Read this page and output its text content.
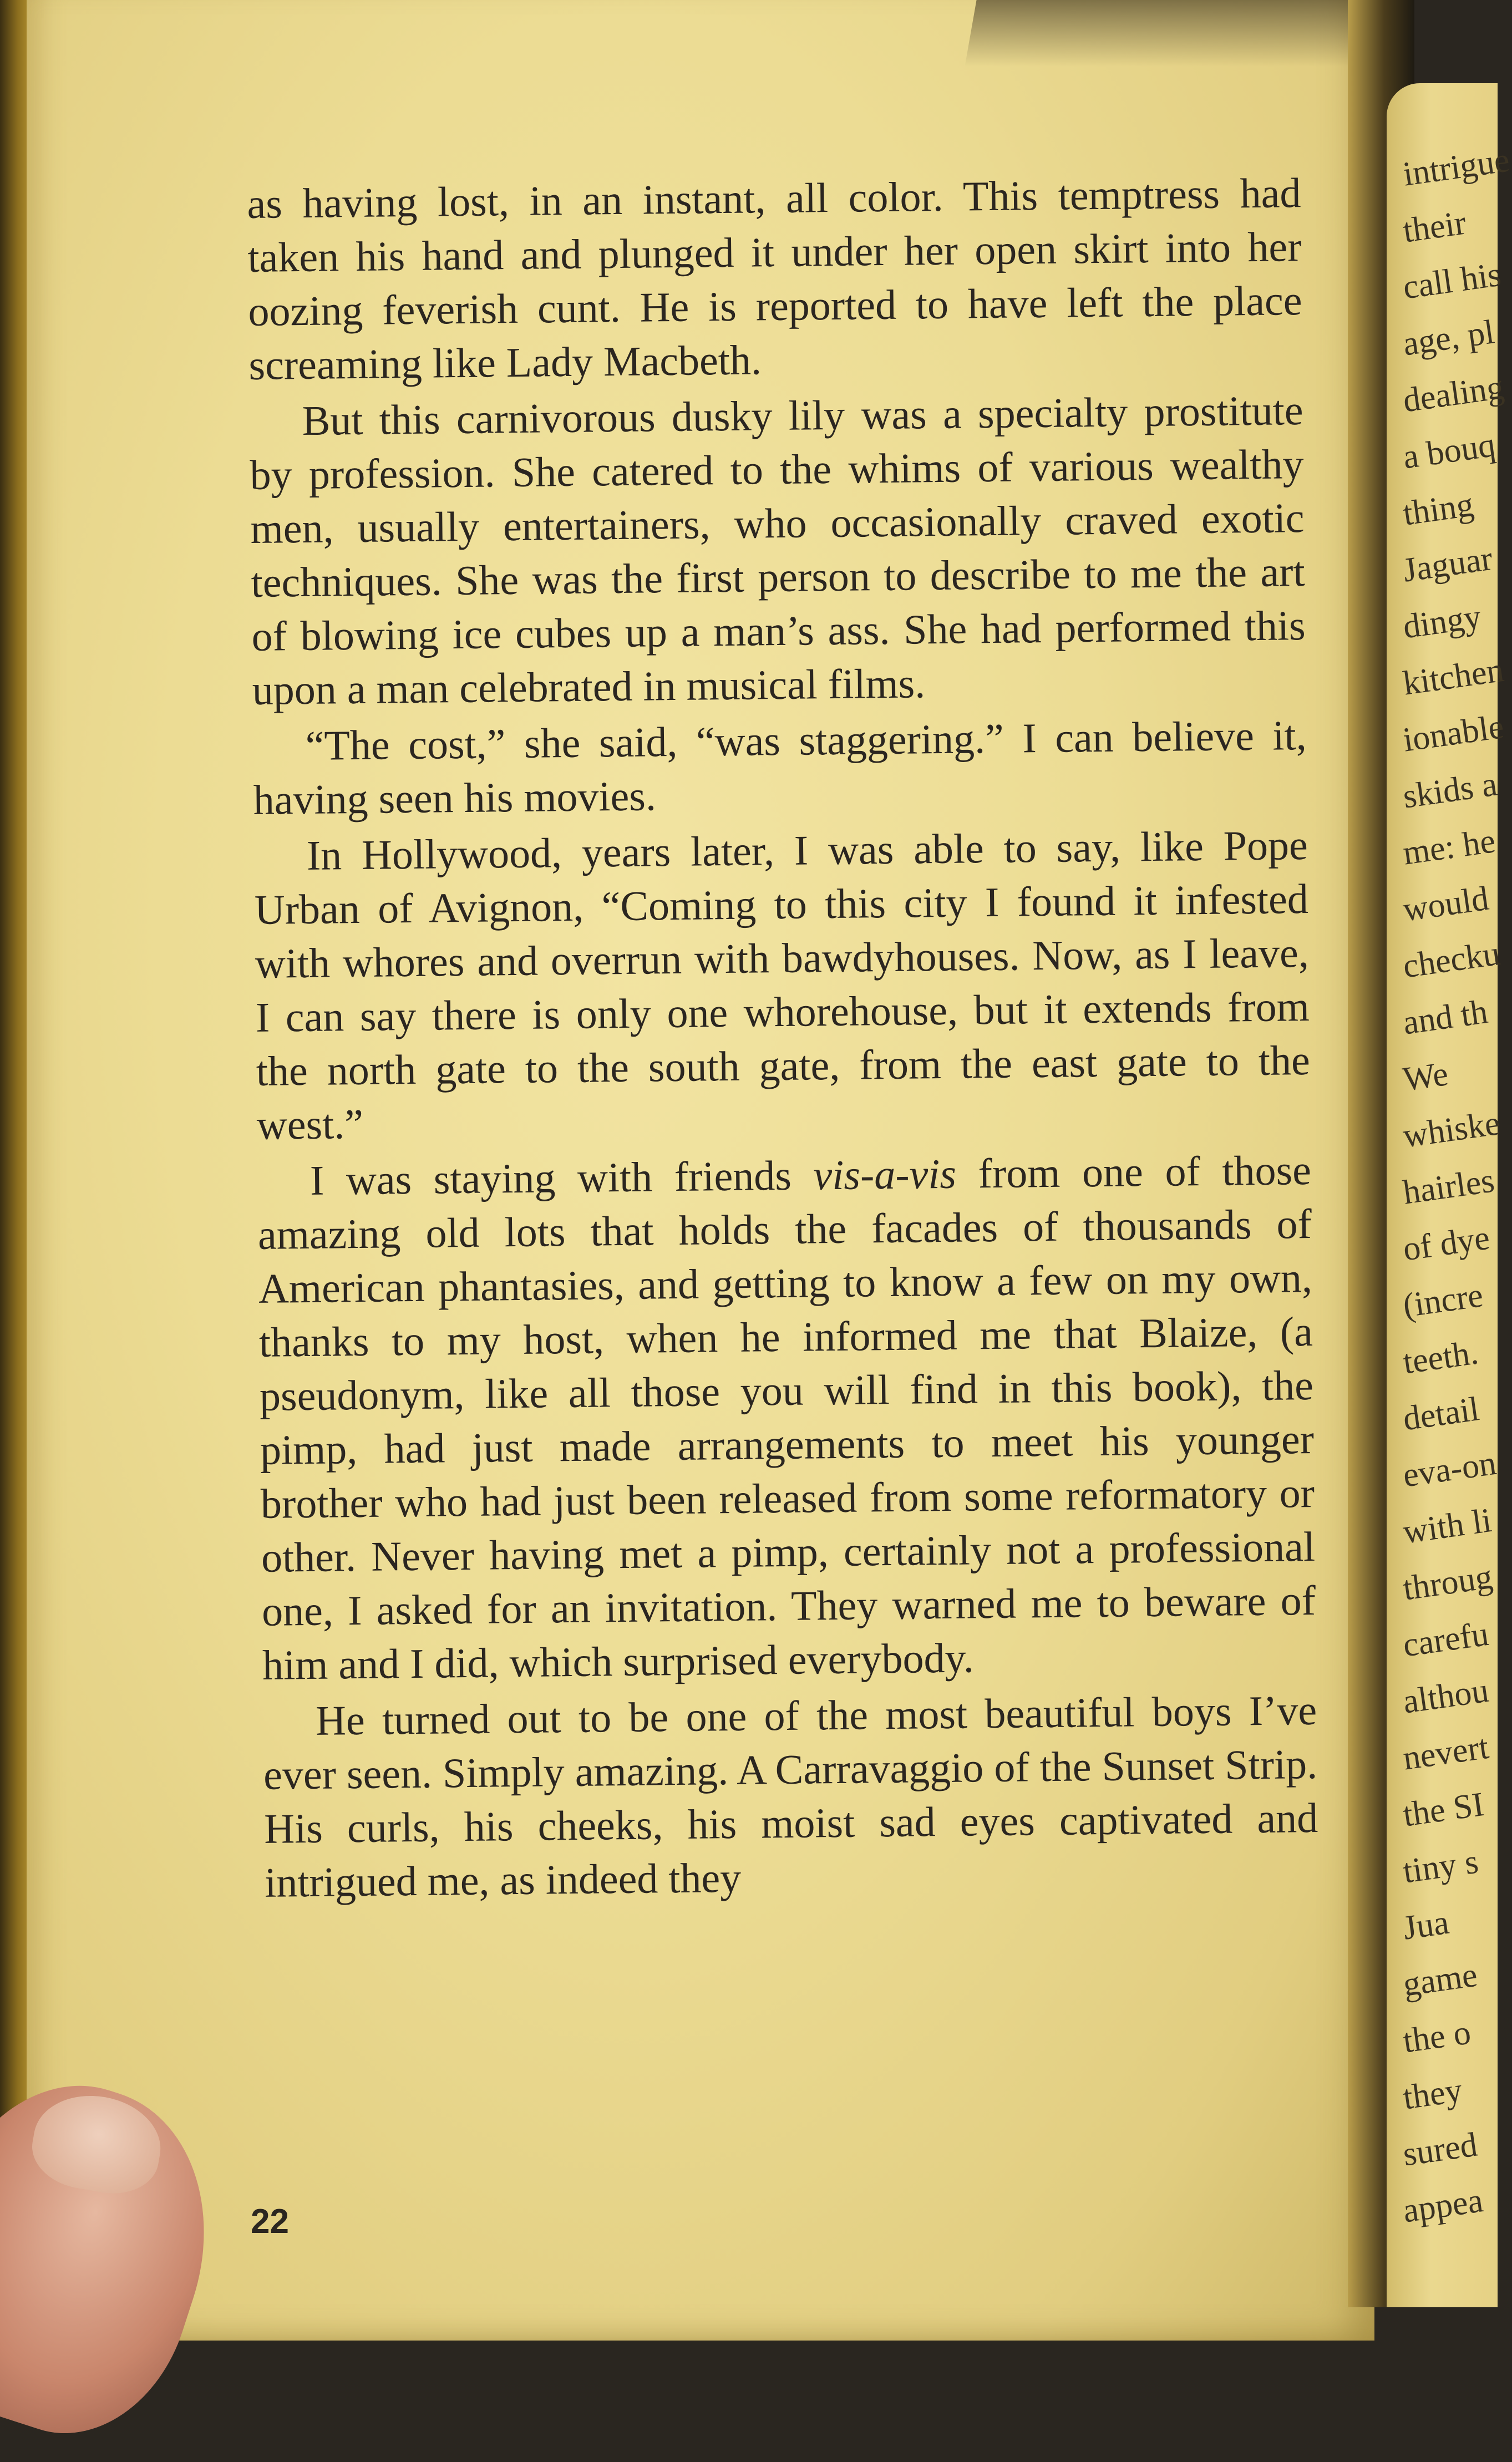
intrigue
their
call his
age, pl
dealing
a bouq
thing
Jaguar
dingy
kitchen
ionable
skids a
me: he
would
checku
and th
We
whiske
hairles
of dye
(incre
teeth.
detail
eva-on
with li
throug
carefu
althou
nevert
the SI
tiny s
Jua
game
the o
they
sured
appea

as having lost, in an instant, all color. This temptress had taken his hand and plunged it under her open skirt into her oozing feverish cunt. He is reported to have left the place screaming like Lady Macbeth.

But this carnivorous dusky lily was a specialty prostitute by profession. She catered to the whims of various wealthy men, usually entertainers, who occasionally craved exotic techniques. She was the first person to describe to me the art of blowing ice cubes up a man’s ass. She had performed this upon a man celebrated in musical films.

“The cost,” she said, “was staggering.” I can believe it, having seen his movies.

In Hollywood, years later, I was able to say, like Pope Urban of Avignon, “Coming to this city I found it infested with whores and overrun with bawdyhouses. Now, as I leave, I can say there is only one whorehouse, but it extends from the north gate to the south gate, from the east gate to the west.”

I was staying with friends vis-a-vis from one of those amazing old lots that holds the facades of thousands of American phantasies, and getting to know a few on my own, thanks to my host, when he informed me that Blaize, (a pseudonym, like all those you will find in this book), the pimp, had just made arrangements to meet his younger brother who had just been released from some reformatory or other. Never having met a pimp, certainly not a professional one, I asked for an invitation. They warned me to beware of him and I did, which surprised everybody.

He turned out to be one of the most beautiful boys I’ve ever seen. Simply amazing. A Carravaggio of the Sunset Strip. His curls, his cheeks, his moist sad eyes captivated and intrigued me, as indeed they

22
